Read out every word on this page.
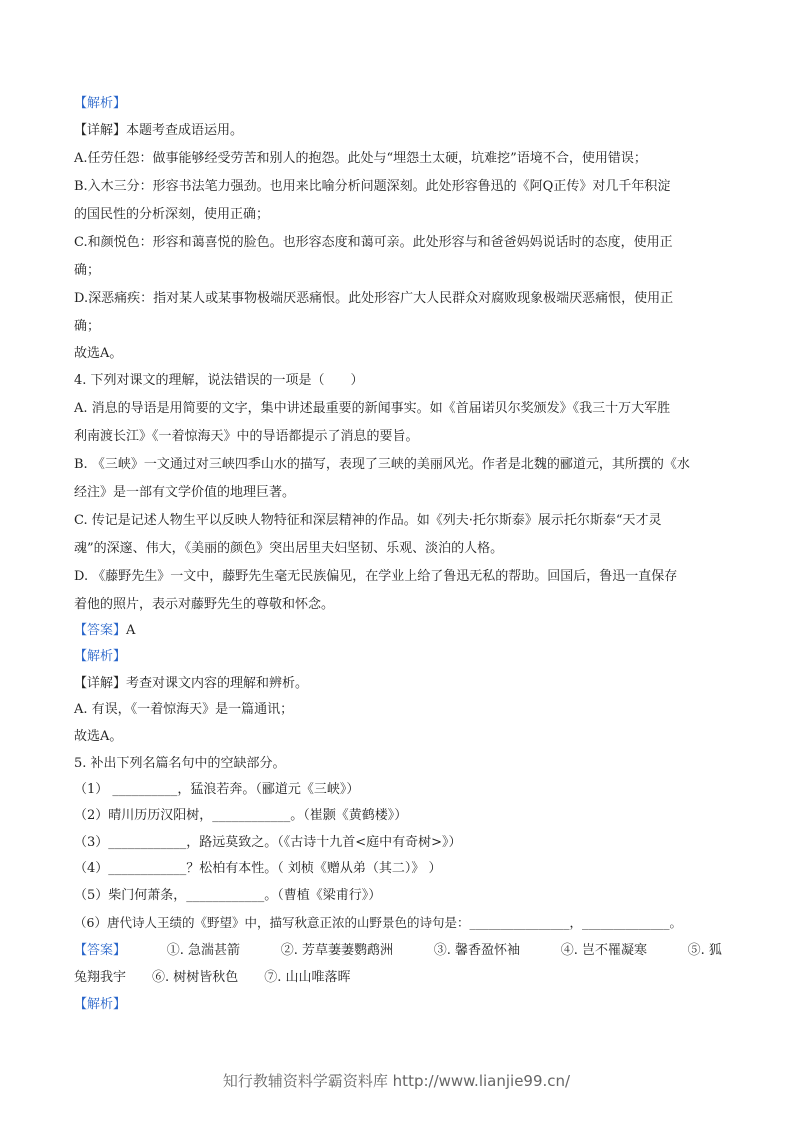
【解析】
【详解】本题考查成语运用。
A.任劳任怨：做事能够经受劳苦和别人的抱怨。此处与“埋怨土太硬，坑难挖”语境不合，使用错误；
B.入木三分：形容书法笔力强劲。也用来比喻分析问题深刻。此处形容鲁迅的《阿Q正传》对几千年积淀
的国民性的分析深刻，使用正确；
C.和颜悦色：形容和蔼喜悦的脸色。也形容态度和蔼可亲。此处形容与和爸爸妈妈说话时的态度，使用正
确；
D.深恶痛疾：指对某人或某事物极端厌恶痛恨。此处形容广大人民群众对腐败现象极端厌恶痛恨，使用正
确；
故选A。
4. 下列对课文的理解，说法错误的一项是（　　）
A. 消息的导语是用简要的文字，集中讲述最重要的新闻事实。如《首届诺贝尔奖颁发》《我三十万大军胜
利南渡长江》《一着惊海天》中的导语都提示了消息的要旨。
B. 《三峡》一文通过对三峡四季山水的描写，表现了三峡的美丽风光。作者是北魏的郦道元，其所撰的《水
经注》是一部有文学价值的地理巨著。
C. 传记是记述人物生平以反映人物特征和深层精神的作品。如《列夫·托尔斯泰》展示托尔斯泰“天才灵
魂”的深邃、伟大，《美丽的颜色》突出居里夫妇坚韧、乐观、淡泊的人格。
D. 《藤野先生》一文中，藤野先生毫无民族偏见，在学业上给了鲁迅无私的帮助。回国后，鲁迅一直保存
着他的照片，表示对藤野先生的尊敬和怀念。
【答案】A
【解析】
【详解】考查对课文内容的理解和辨析。
A. 有误，《一着惊海天》是一篇通讯；
故选A。
5. 补出下列名篇名句中的空缺部分。
（1） __________，猛浪若奔。（郦道元《三峡》）
（2）晴川历历汉阳树，____________。（崔颢《黄鹤楼》）
（3）____________，路远莫致之。（《古诗十九首<庭中有奇树>》）
（4）____________？松柏有本性。（ 刘桢《赠从弟（其二）》 ）
（5）柴门何萧条，____________。（曹植《梁甫行》）
（6）唐代诗人王绩的《野望》中，描写秋意正浓的山野景色的诗句是：________________，______________。
【答案】	①. 急湍甚箭	②. 芳草萋萋鹦鹉洲	③. 馨香盈怀袖	④. 岂不罹凝寒	⑤. 狐
兔翔我宇　　⑥. 树树皆秋色　　⑦. 山山唯落晖
【解析】
知行教辅资料学霸资料库 http://www.lianjie99.cn/
